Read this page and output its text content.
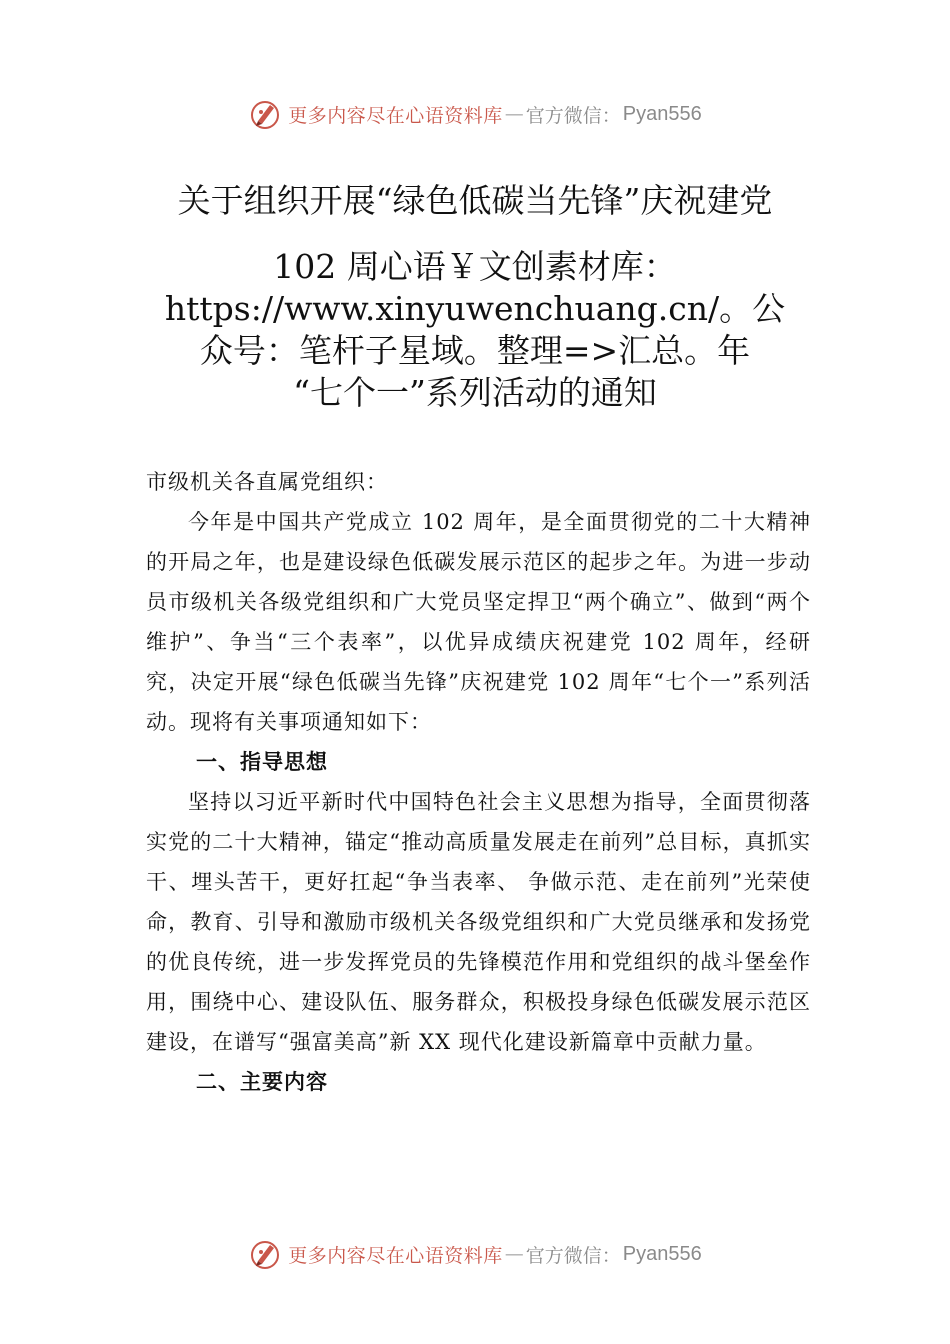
更多内容尽在心语资料库 — 官方微信： Pyan556
关于组织开展“绿色低碳当先锋”庆祝建党
102 周心语￥文创素材库：
https://www.xinyuwenchuang.cn/。公
众号：笔杆子星域。整理=>汇总。年
“七个一”系列活动的通知

市级机关各直属党组织：

今年是中国共产党成立 102 周年，是全面贯彻党的二十大精神的开局之年，也是建设绿色低碳发展示范区的起步之年。为进一步动员市级机关各级党组织和广大党员坚定捍卫“两个确立”、做到“两个维护”、争当“三个表率”，以优异成绩庆祝建党 102 周年，经研究，决定开展“绿色低碳当先锋”庆祝建党 102 周年“七个一”系列活动。现将有关事项通知如下：

一、指导思想

坚持以习近平新时代中国特色社会主义思想为指导，全面贯彻落实党的二十大精神，锚定“推动高质量发展走在前列”总目标，真抓实干、埋头苦干，更好扛起“争当表率、 争做示范、走在前列”光荣使命，教育、引导和激励市级机关各级党组织和广大党员继承和发扬党的优良传统，进一步发挥党员的先锋模范作用和党组织的战斗堡垒作用，围绕中心、建设队伍、服务群众，积极投身绿色低碳发展示范区建设，在谱写“强富美高”新 XX 现代化建设新篇章中贡献力量。

二、主要内容

更多内容尽在心语资料库 — 官方微信： Pyan556
